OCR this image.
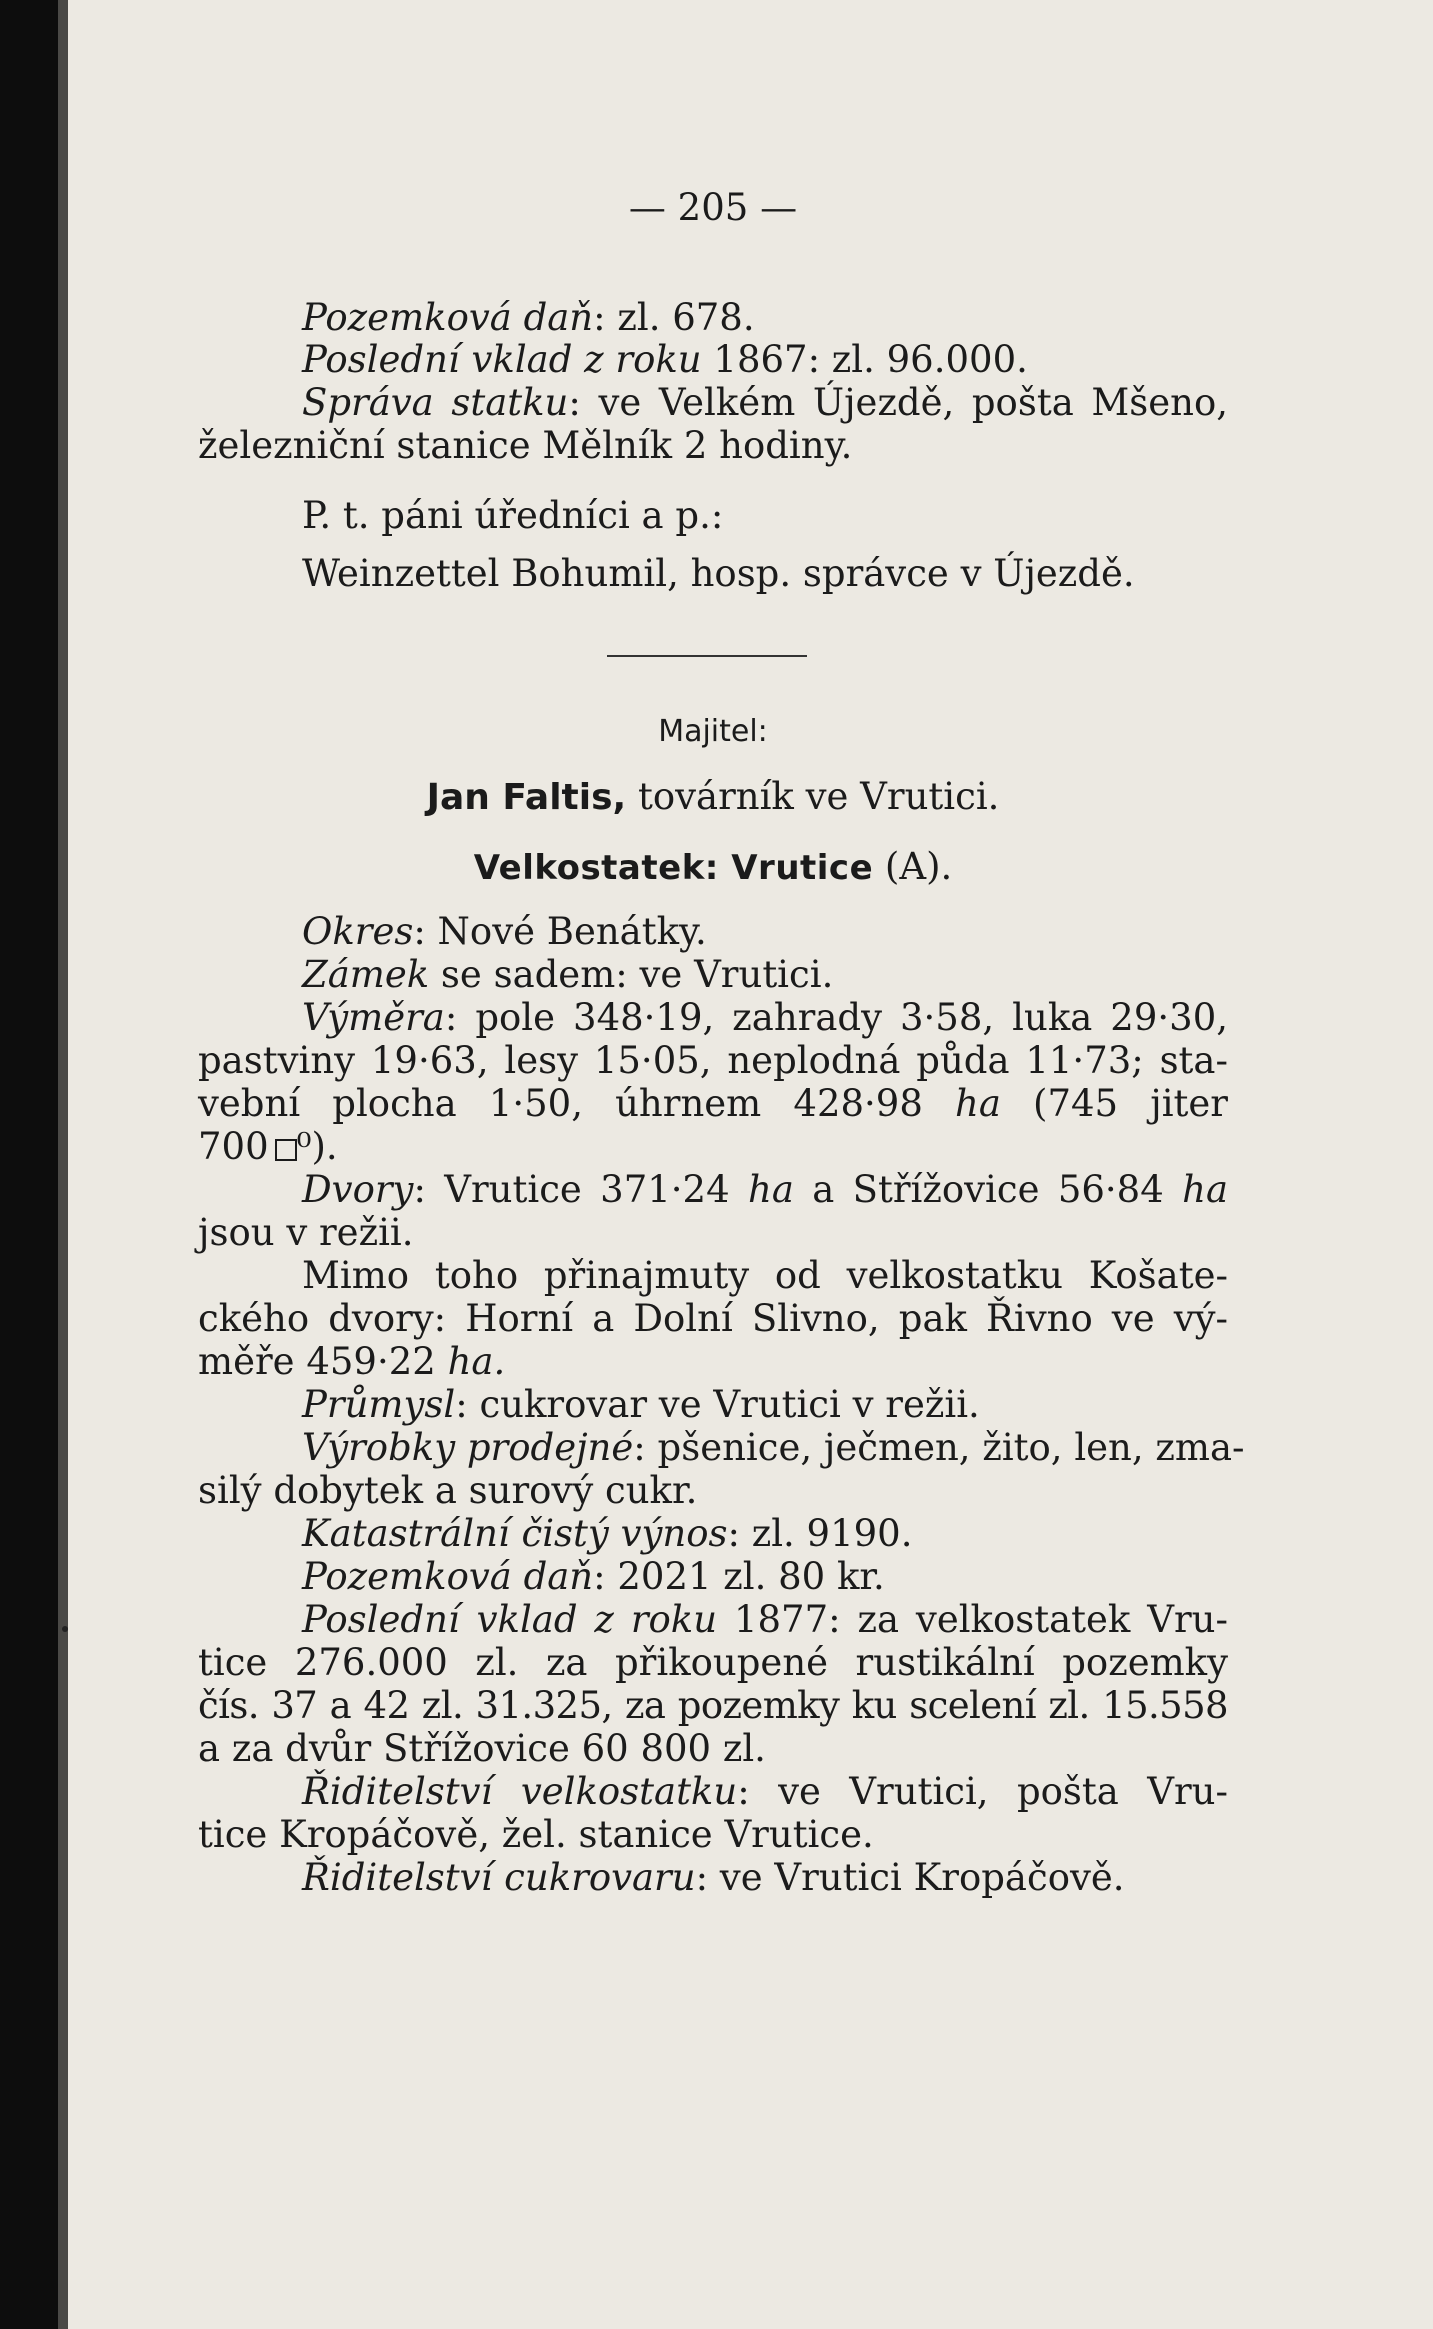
— 205 —
Pozemková daň: zl. 678.
Poslední vklad z roku 1867: zl. 96.000.
Správa statku: ve Velkém Újezdě, pošta Mšeno,
železniční stanice Mělník 2 hodiny.
P. t. páni úředníci a p.:
Weinzettel Bohumil, hosp. správce v Újezdě.
Majitel:
Jan Faltis, továrník ve Vrutici.
Velkostatek: Vrutice (A).
Okres: Nové Benátky.
Zámek se sadem: ve Vrutici.
Výměra: pole 348·19, zahrady 3·58, luka 29·30,
pastviny 19·63, lesy 15·05, neplodná půda 11·73; sta-
vební plocha 1·50, úhrnem 428·98 ha (745 jiter
700 ⁰).
Dvory: Vrutice 371·24 ha a Střížovice 56·84 ha
jsou v režii.
Mimo toho přinajmuty od velkostatku Košate-
ckého dvory: Horní a Dolní Slivno, pak Řivno ve vý-
měře 459·22 ha.
Průmysl: cukrovar ve Vrutici v režii.
Výrobky prodejné: pšenice, ječmen, žito, len, zma-
silý dobytek a surový cukr.
Katastrální čistý výnos: zl. 9190.
Pozemková daň: 2021 zl. 80 kr.
Poslední vklad z roku 1877: za velkostatek Vru-
tice 276.000 zl. za přikoupené rustikální pozemky
čís. 37 a 42 zl. 31.325, za pozemky ku scelení zl. 15.558
a za dvůr Střížovice 60 800 zl.
Řiditelství velkostatku: ve Vrutici, pošta Vru-
tice Kropáčově, žel. stanice Vrutice.
Řiditelství cukrovaru: ve Vrutici Kropáčově.
